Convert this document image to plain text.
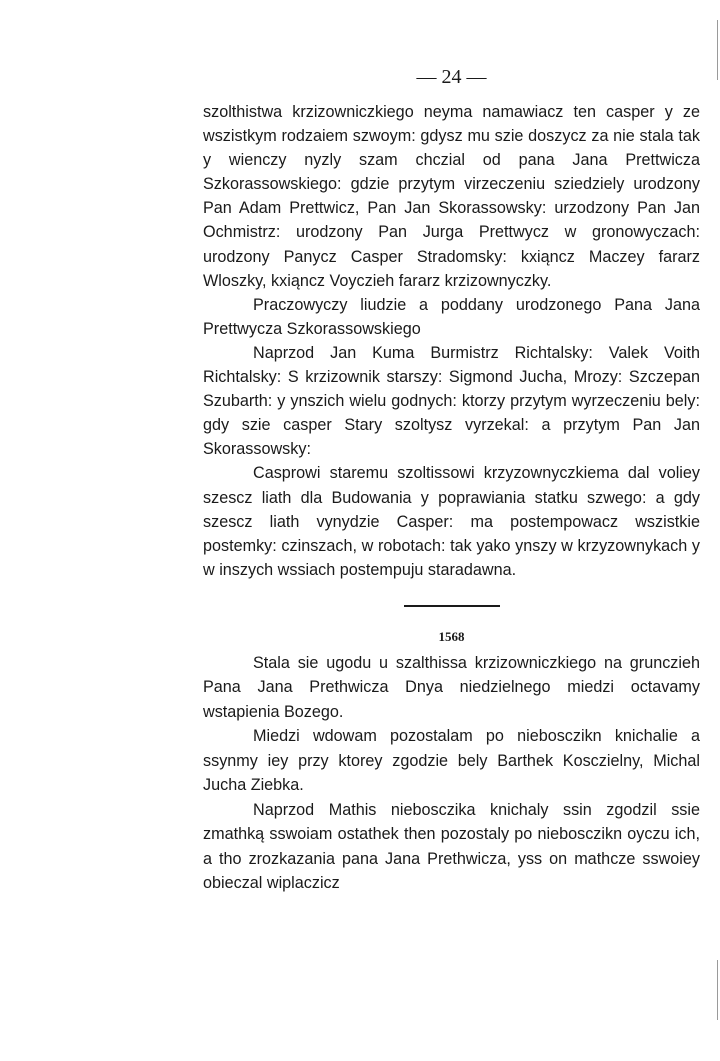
— 24 —

szolthistwa krzizowniczkiego neyma namawiacz ten casper y ze wszistkym rodzaiem szwoym: gdysz mu szie doszycz za nie stala tak y wienczy nyzly szam chczial od pana Jana Prettwicza Szkorassowskiego: gdzie przytym virzeczeniu sziedziely urodzony Pan Adam Prettwicz, Pan Jan Skorassowsky: urzodzony Pan Jan Ochmistrz: urodzony Pan Jurga Prettwycz w gronowyczach: urodzony Panycz Casper Stradomsky: kxiąncz Maczey fararz Wloszky, kxiąncz Voyczieh fararz krzizownyczky.

Praczowyczy liudzie a poddany urodzonego Pana Jana Prettwycza Szkorassowskiego

Naprzod Jan Kuma Burmistrz Richtalsky: Valek Voith Richtalsky: S krzizownik starszy: Sigmond Jucha, Mrozy: Szczepan Szubarth: y ynszich wielu godnych: ktorzy przytym wyrzeczeniu bely: gdy szie casper Stary szoltysz vyrzekal: a przytym Pan Jan Skorassowsky:

Casprowi staremu szoltissowi krzyzownyczkiema dal voliey szescz liath dla Budowania y poprawiania statku szwego: a gdy szescz liath vynydzie Casper: ma postempowacz wszistkie postemky: czinszach, w robotach: tak yako ynszy w krzyzownykach y w inszych wssiach postempuju staradawna.

1568

Stala sie ugodu u szalthissa krzizowniczkiego na grunczieh Pana Jana Prethwicza Dnya niedzielnego miedzi octavamy wstapienia Bozego.

Miedzi wdowam pozostalam po niebosczikn knichalie a ssynmy iey przy ktorey zgodzie bely Barthek Kosczielny, Michal Jucha Ziebka.

Naprzod Mathis niebosczika knichaly ssin zgodzil ssie zmathką sswoiam ostathek then pozostaly po niebosczikn oyczu ich, a tho zrozkazania pana Jana Prethwicza, yss on mathcze sswoiey obieczal wiplaczicz
